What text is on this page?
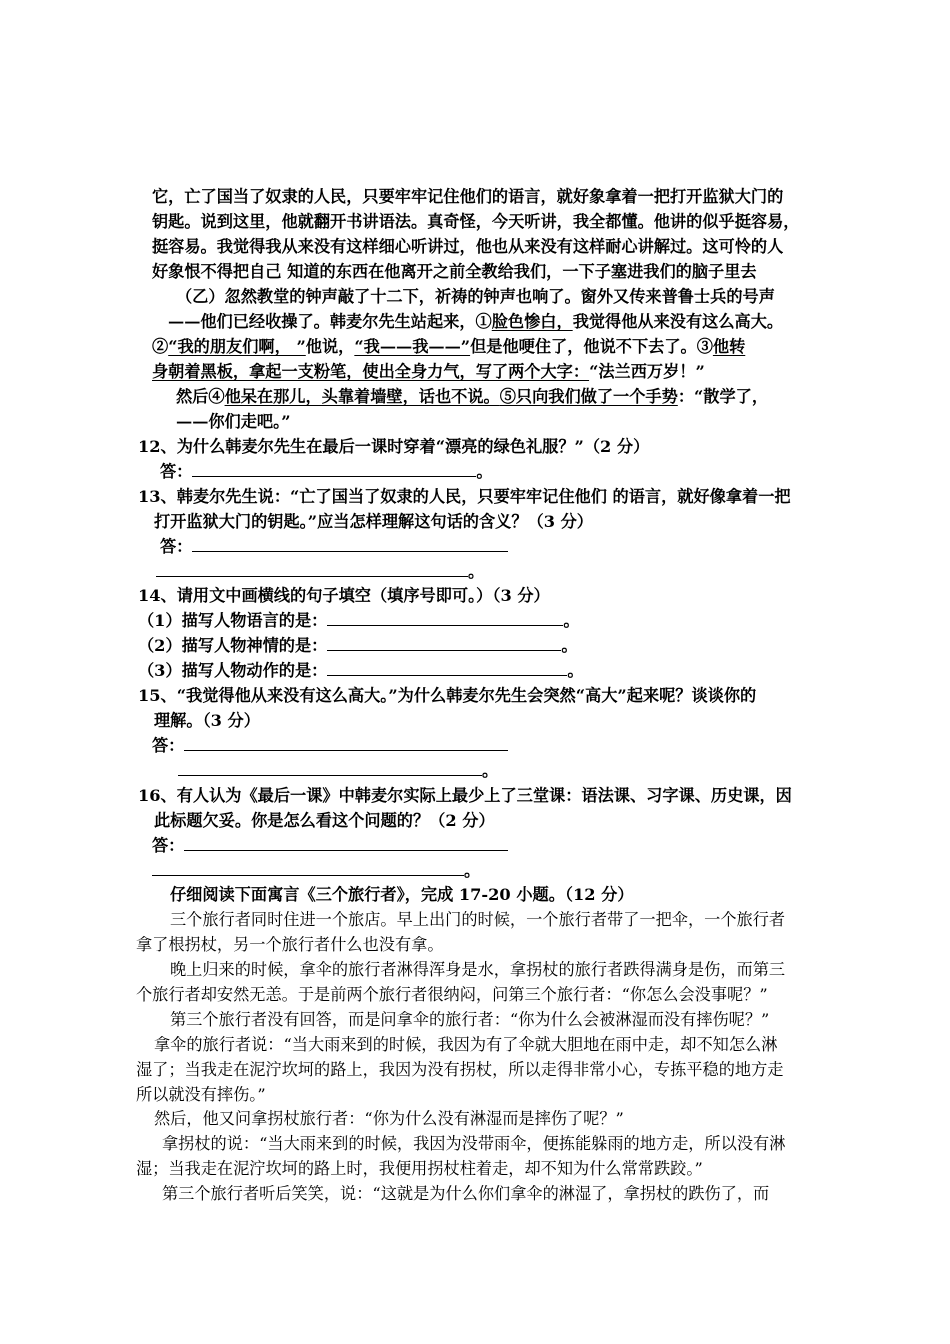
它，亡了国当了奴隶的人民，只要牢牢记住他们的语言，就好象拿着一把打开监狱大门的
钥匙。说到这里，他就翻开书讲语法。真奇怪，今天听讲，我全都懂。他讲的似乎挺容易，
挺容易。我觉得我从来没有这样细心听讲过，他也从来没有这样耐心讲解过。这可怜的人
好象恨不得把自己 知道的东西在他离开之前全教给我们，一下子塞进我们的脑子里去
（乙）忽然教堂的钟声敲了十二下，祈祷的钟声也响了。窗外又传来普鲁士兵的号声
——他们已经收操了。韩麦尔先生站起来，①脸色惨白，我觉得他从来没有这么高大。
②“我的朋友们啊， ”他说，“我——我——”但是他哽住了，他说不下去了。③他转
身朝着黑板，拿起一支粉笔，使出全身力气，写了两个大字：“法兰西万岁！”
然后④他呆在那儿，头靠着墙壁，话也不说。⑤只向我们做了一个手势：“散学了，
——你们走吧。”
12、为什么韩麦尔先生在最后一课时穿着“漂亮的绿色礼服？”（2 分）
答：	。
13、韩麦尔先生说：“亡了国当了奴隶的人民，只要牢牢记住他们 的语言，就好像拿着一把
打开监狱大门的钥匙。”应当怎样理解这句话的含义？（3 分）
答：
。
14、请用文中画横线的句子填空（填序号即可。）（3 分）
（1）描写人物语言的是：	。
（2）描写人物神情的是：	。
（3）描写人物动作的是：	。
15、“我觉得他从来没有这么高大。”为什么韩麦尔先生会突然“高大”起来呢？谈谈你的
理解。（3 分）
答：
。
16、有人认为《最后一课》中韩麦尔实际上最少上了三堂课：语法课、习字课、历史课，因
此标题欠妥。你是怎么看这个问题的？（2 分）
答：
。
仔细阅读下面寓言《三个旅行者》，完成 17-20 小题。（12 分）
三个旅行者同时住进一个旅店。早上出门的时候，一个旅行者带了一把伞，一个旅行者
拿了根拐杖，另一个旅行者什么也没有拿。
晚上归来的时候，拿伞的旅行者淋得浑身是水，拿拐杖的旅行者跌得满身是伤，而第三
个旅行者却安然无恙。于是前两个旅行者很纳闷，问第三个旅行者：“你怎么会没事呢？”
第三个旅行者没有回答，而是问拿伞的旅行者：“你为什么会被淋湿而没有摔伤呢？”
拿伞的旅行者说：“当大雨来到的时候，我因为有了伞就大胆地在雨中走，却不知怎么淋
湿了；当我走在泥泞坎坷的路上，我因为没有拐杖，所以走得非常小心，专拣平稳的地方走
所以就没有摔伤。”
然后，他又问拿拐杖旅行者：“你为什么没有淋湿而是摔伤了呢？”
拿拐杖的说：“当大雨来到的时候，我因为没带雨伞，便拣能躲雨的地方走，所以没有淋
湿；当我走在泥泞坎坷的路上时，我便用拐杖柱着走，却不知为什么常常跌跤。”
第三个旅行者听后笑笑，说：“这就是为什么你们拿伞的淋湿了，拿拐杖的跌伤了，而
